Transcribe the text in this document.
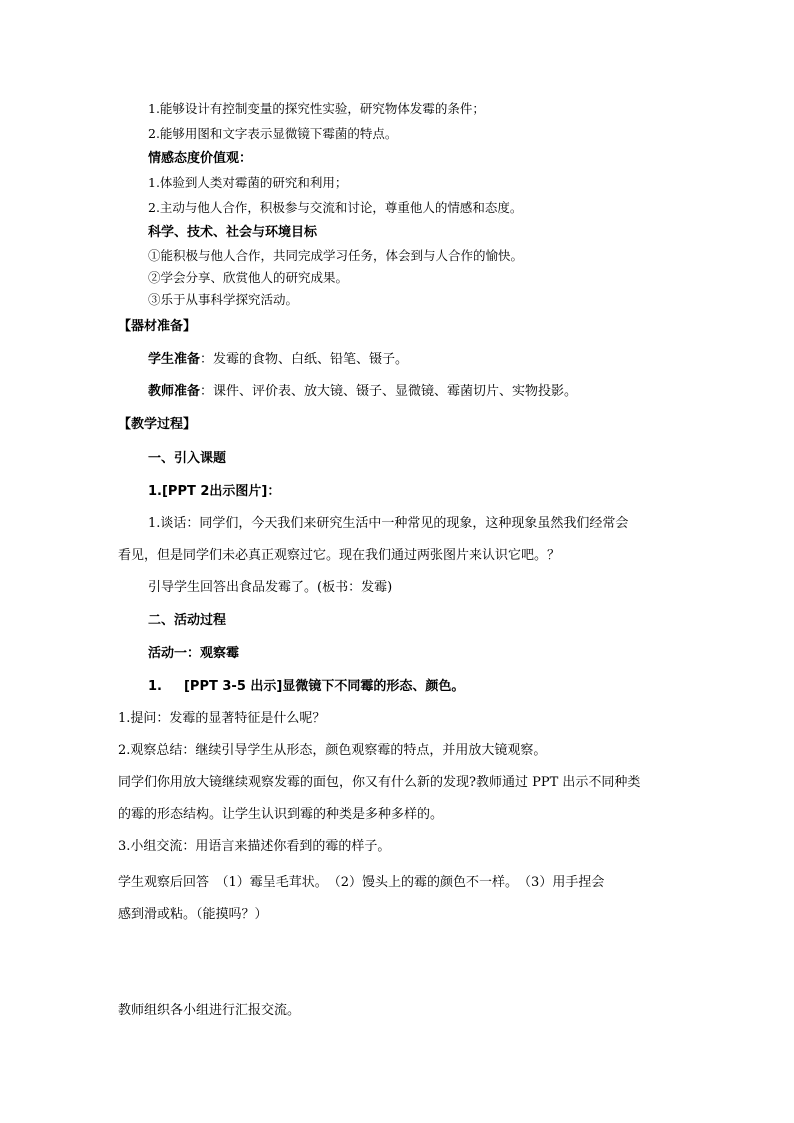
1.能够设计有控制变量的探究性实验，研究物体发霉的条件；
2.能够用图和文字表示显微镜下霉菌的特点。
情感态度价值观：
1.体验到人类对霉菌的研究和利用；
2.主动与他人合作，积极参与交流和讨论，尊重他人的情感和态度。
科学、技术、社会与环境目标
①能积极与他人合作，共同完成学习任务，体会到与人合作的愉快。
②学会分享、欣赏他人的研究成果。
③乐于从事科学探究活动。
【器材准备】
学生准备：发霉的食物、白纸、铅笔、镊子。
教师准备：课件、评价表、放大镜、镊子、显微镜、霉菌切片、实物投影。
【教学过程】
一、引入课题
1.[PPT 2出示图片]：
1.谈话：同学们，今天我们来研究生活中一种常见的现象，这种现象虽然我们经常会
看见，但是同学们未必真正观察过它。现在我们通过两张图片来认识它吧。？
引导学生回答出食品发霉了。(板书：发霉)
二、活动过程
活动一：观察霉
1. [PPT 3-5 出示]显微镜下不同霉的形态、颜色。
1.提问：发霉的显著特征是什么呢？
2.观察总结：继续引导学生从形态，颜色观察霉的特点，并用放大镜观察。
同学们你用放大镜继续观察发霉的面包，你又有什么新的发现?教师通过 PPT 出示不同种类
的霉的形态结构。让学生认识到霉的种类是多种多样的。
3.小组交流：用语言来描述你看到的霉的样子。
学生观察后回答　（1）霉呈毛茸状。　（2）馒头上的霉的颜色不一样。　（3）用手捏会
感到滑或粘。（能摸吗？）
教师组织各小组进行汇报交流。
